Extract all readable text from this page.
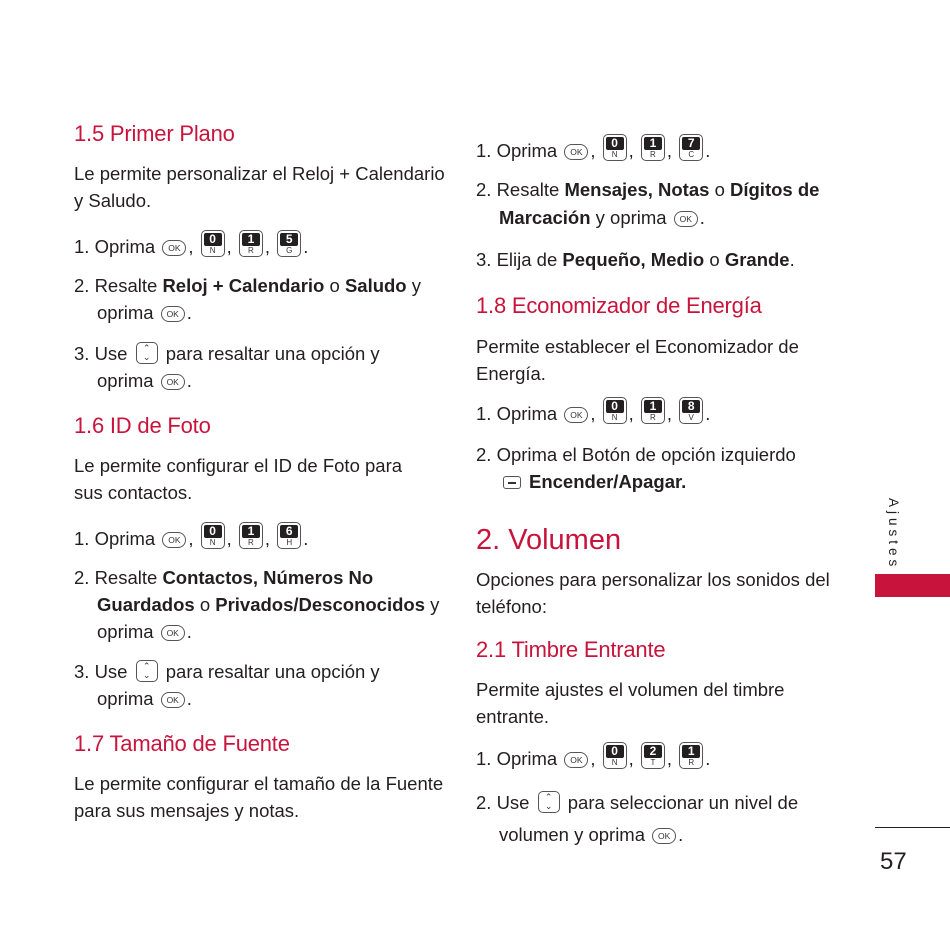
1.5 Primer Plano

Le permite personalizar el Reloj + Calendario

y Saludo.

1. Oprima OK ,	0
N ,	1
R ,	5
G .

2. Resalte Reloj + Calendario o Saludo y

oprima OK .

3. Use	⌃
⌄ para resaltar una opción y

oprima OK .

1.6 ID de Foto

Le permite configurar el ID de Foto para

sus contactos.

1. Oprima OK ,	0
N ,	1
R ,	6
H .

2. Resalte Contactos, Números No

Guardados o Privados/Desconocidos y

oprima OK .

3. Use	⌃
⌄ para resaltar una opción y

oprima OK .

1.7 Tamaño de Fuente

Le permite configurar el tamaño de la Fuente

para sus mensajes y notas.

1. Oprima OK ,	0
N ,	1
R ,	7
C .

2. Resalte Mensajes, Notas o Dígitos de

Marcación y oprima OK .

3. Elija de Pequeño, Medio o Grande.

1.8 Economizador de Energía

Permite establecer el Economizador de

Energía.

1. Oprima OK ,	0
N ,	1
R ,	8
V .

2. Oprima el Botón de opción izquierdo

Encender/Apagar.

2. Volumen

Opciones para personalizar los sonidos del

teléfono:

2.1 Timbre Entrante

Permite ajustes el volumen del timbre

entrante.

1. Oprima OK ,	0
N ,	2
T ,	1
R .

2. Use	⌃
⌄ para seleccionar un nivel de

volumen y oprima OK .

Ajustes
57
